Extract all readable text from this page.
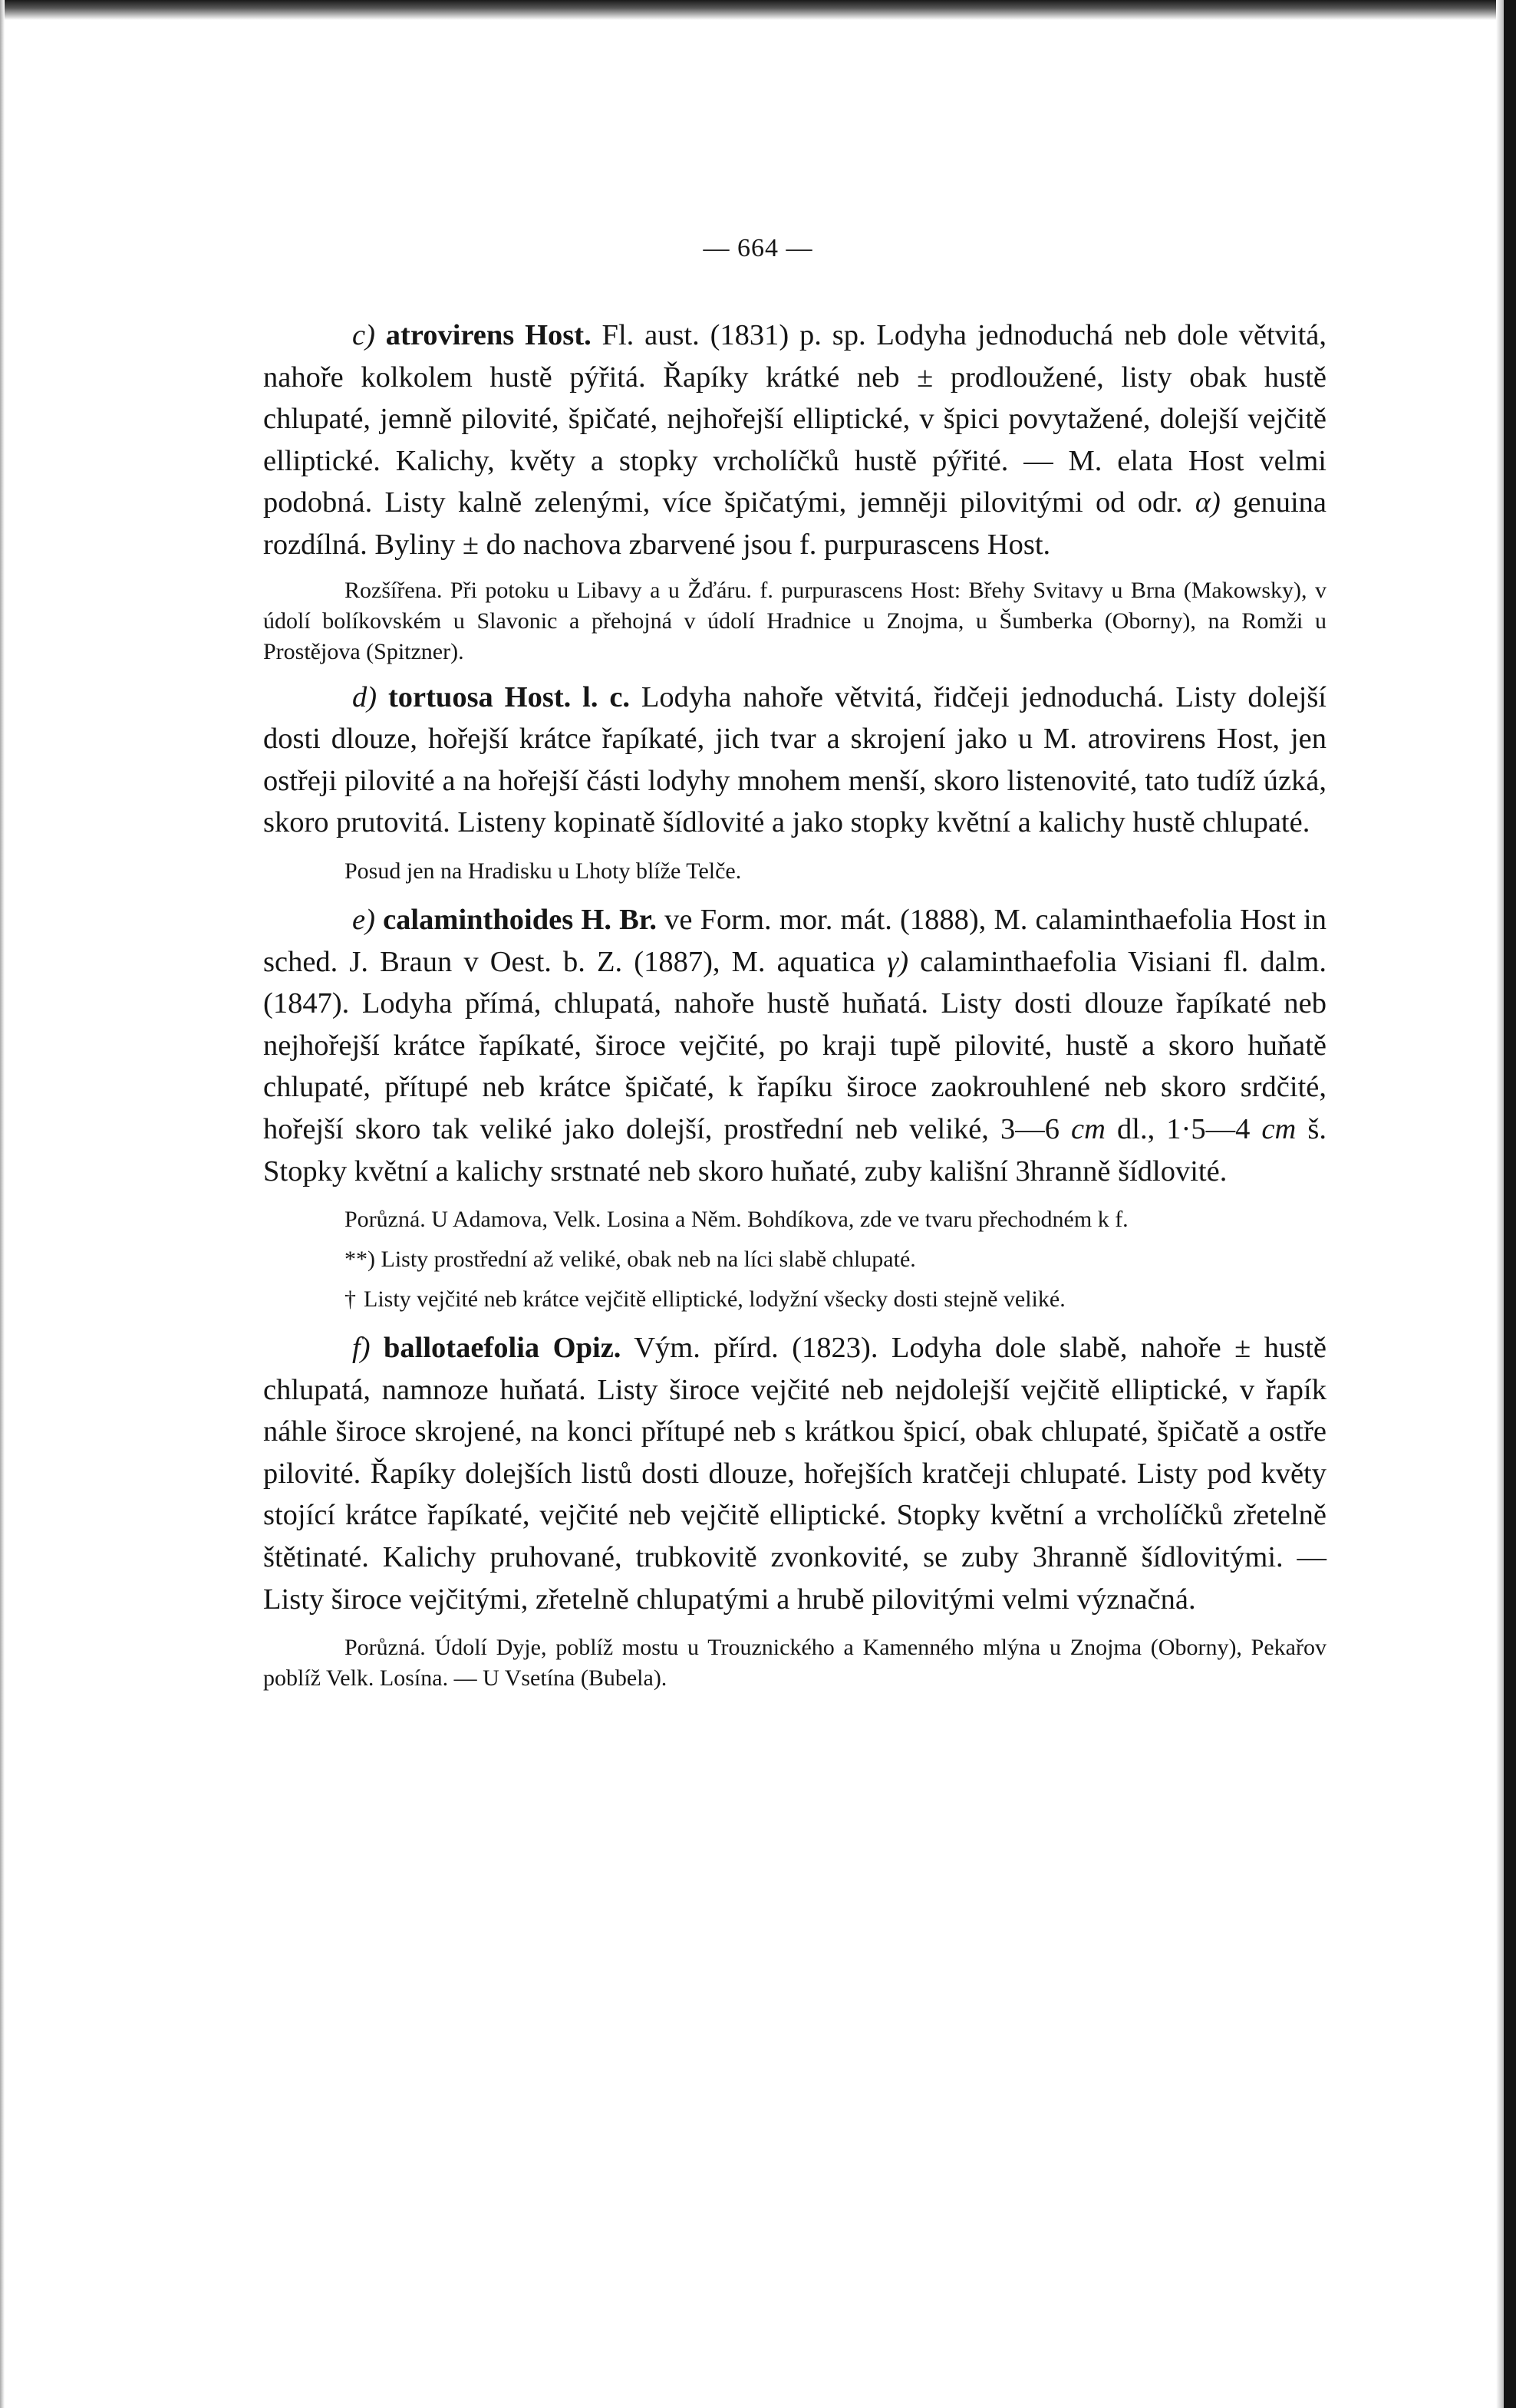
— 664 —

c) atrovirens Host. Fl. aust. (1831) p. sp. Lodyha jednoduchá neb dole větvitá, nahoře kolkolem hustě pýřitá. Řapíky krátké neb ± prodloužené, listy obak hustě chlupaté, jemně pilovité, špičaté, nejhořejší elliptické, v špici povytažené, dolejší vejčitě elliptické. Kalichy, květy a stopky vrcholíčků hustě pýřité. — M. elata Host velmi podobná. Listy kalně zelenými, více špičatými, jemněji pilovitými od odr. α) genuina rozdílná. Byliny ± do nachova zbarvené jsou f. purpurascens Host.

Rozšířena. Při potoku u Libavy a u Žďáru. f. purpurascens Host: Břehy Svitavy u Brna (Makowsky), v údolí bolíkovském u Slavonic a přehojná v údolí Hradnice u Znojma, u Šumberka (Oborny), na Romži u Prostějova (Spitzner).

d) tortuosa Host. l. c. Lodyha nahoře větvitá, řidčeji jednoduchá. Listy dolejší dosti dlouze, hořejší krátce řapíkaté, jich tvar a skrojení jako u M. atrovirens Host, jen ostřeji pilovité a na hořejší části lodyhy mnohem menší, skoro listenovité, tato tudíž úzká, skoro prutovitá. Listeny kopinatě šídlovité a jako stopky květní a kalichy hustě chlupaté.

Posud jen na Hradisku u Lhoty blíže Telče.

e) calaminthoides H. Br. ve Form. mor. mát. (1888), M. calaminthaefolia Host in sched. J. Braun v Oest. b. Z. (1887), M. aquatica γ) calaminthaefolia Visiani fl. dalm. (1847). Lodyha přímá, chlupatá, nahoře hustě huňatá. Listy dosti dlouze řapíkaté neb nejhořejší krátce řapíkaté, široce vejčité, po kraji tupě pilovité, hustě a skoro huňatě chlupaté, přítupé neb krátce špičaté, k řapíku široce zaokrouhlené neb skoro srdčité, hořejší skoro tak veliké jako dolejší, prostřední neb veliké, 3—6 cm dl., 1·5—4 cm š. Stopky květní a kalichy srstnaté neb skoro huňaté, zuby kališní 3hranně šídlovité.

Porůzná. U Adamova, Velk. Losina a Něm. Bohdíkova, zde ve tvaru přechodném k f.

**) Listy prostřední až veliké, obak neb na líci slabě chlupaté.

† Listy vejčité neb krátce vejčitě elliptické, lodyžní všecky dosti stejně veliké.

f) ballotaefolia Opiz. Vým. přírd. (1823). Lodyha dole slabě, nahoře ± hustě chlupatá, namnoze huňatá. Listy široce vejčité neb nejdolejší vejčitě elliptické, v řapík náhle široce skrojené, na konci přítupé neb s krátkou špicí, obak chlupaté, špičatě a ostře pilovité. Řapíky dolejších listů dosti dlouze, hořejších kratčeji chlupaté. Listy pod květy stojící krátce řapíkaté, vejčité neb vejčitě elliptické. Stopky květní a vrcholíčků zřetelně štětinaté. Kalichy pruhované, trubkovitě zvonkovité, se zuby 3hranně šídlovitými. — Listy široce vejčitými, zřetelně chlupatými a hrubě pilovitými velmi význačná.

Porůzná. Údolí Dyje, poblíž mostu u Trouznického a Kamenného mlýna u Znojma (Oborny), Pekařov poblíž Velk. Losína. — U Vsetína (Bubela).
